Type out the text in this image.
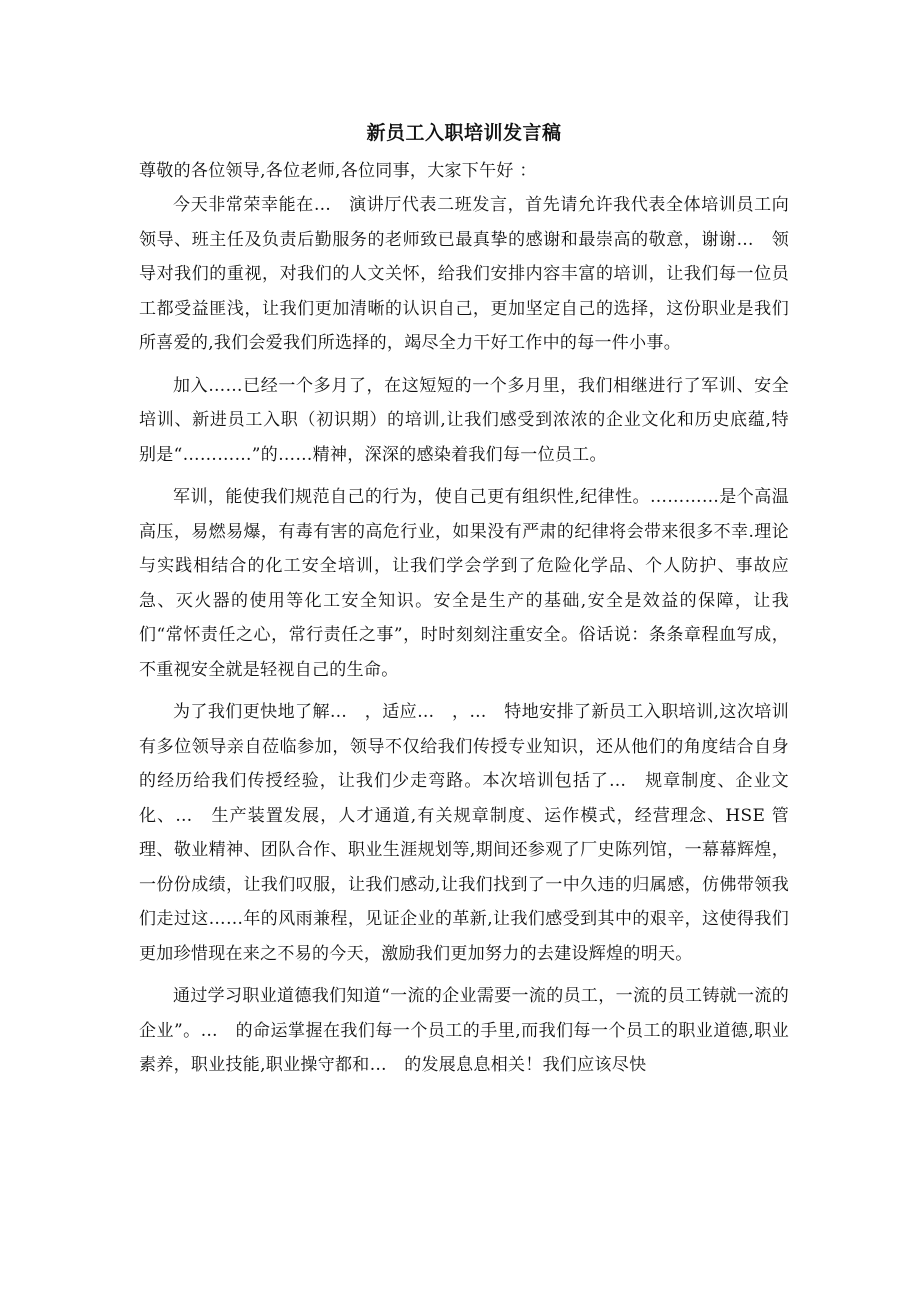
新员工入职培训发言稿

尊敬的各位领导,各位老师,各位同事，大家下午好 ：

今天非常荣幸能在…　演讲厅代表二班发言，首先请允许我代表全体培训员工向领导、班主任及负责后勤服务的老师致已最真挚的感谢和最崇高的敬意，谢谢…　领导对我们的重视，对我们的人文关怀，给我们安排内容丰富的培训，让我们每一位员工都受益匪浅，让我们更加清晰的认识自己，更加坚定自己的选择，这份职业是我们所喜爱的,我们会爱我们所选择的，竭尽全力干好工作中的每一件小事。

加入……已经一个多月了，在这短短的一个多月里，我们相继进行了军训、安全培训、新进员工入职（初识期）的培训,让我们感受到浓浓的企业文化和历史底蕴,特别是“…………”的……精神，深深的感染着我们每一位员工。

军训，能使我们规范自己的行为，使自己更有组织性,纪律性。…………是个高温高压，易燃易爆，有毒有害的高危行业，如果没有严肃的纪律将会带来很多不幸.理论与实践相结合的化工安全培训，让我们学会学到了危险化学品、个人防护、事故应急、灭火器的使用等化工安全知识。安全是生产的基础,安全是效益的保障，让我们“常怀责任之心，常行责任之事”，时时刻刻注重安全。俗话说：条条章程血写成，不重视安全就是轻视自己的生命。

为了我们更快地了解…　，适应…　，…　特地安排了新员工入职培训,这次培训有多位领导亲自莅临参加，领导不仅给我们传授专业知识，还从他们的角度结合自身的经历给我们传授经验，让我们少走弯路。本次培训包括了…　规章制度、企业文化、…　生产装置发展，人才通道,有关规章制度、运作模式，经营理念、HSE 管理、敬业精神、团队合作、职业生涯规划等,期间还参观了厂史陈列馆，一幕幕辉煌，一份份成绩，让我们叹服，让我们感动,让我们找到了一中久违的归属感，仿佛带领我们走过这……年的风雨兼程，见证企业的革新,让我们感受到其中的艰辛，这使得我们更加珍惜现在来之不易的今天，激励我们更加努力的去建设辉煌的明天。

通过学习职业道德我们知道“一流的企业需要一流的员工，一流的员工铸就一流的企业”。…　的命运掌握在我们每一个员工的手里,而我们每一个员工的职业道德,职业素养，职业技能,职业操守都和…　的发展息息相关！我们应该尽快
